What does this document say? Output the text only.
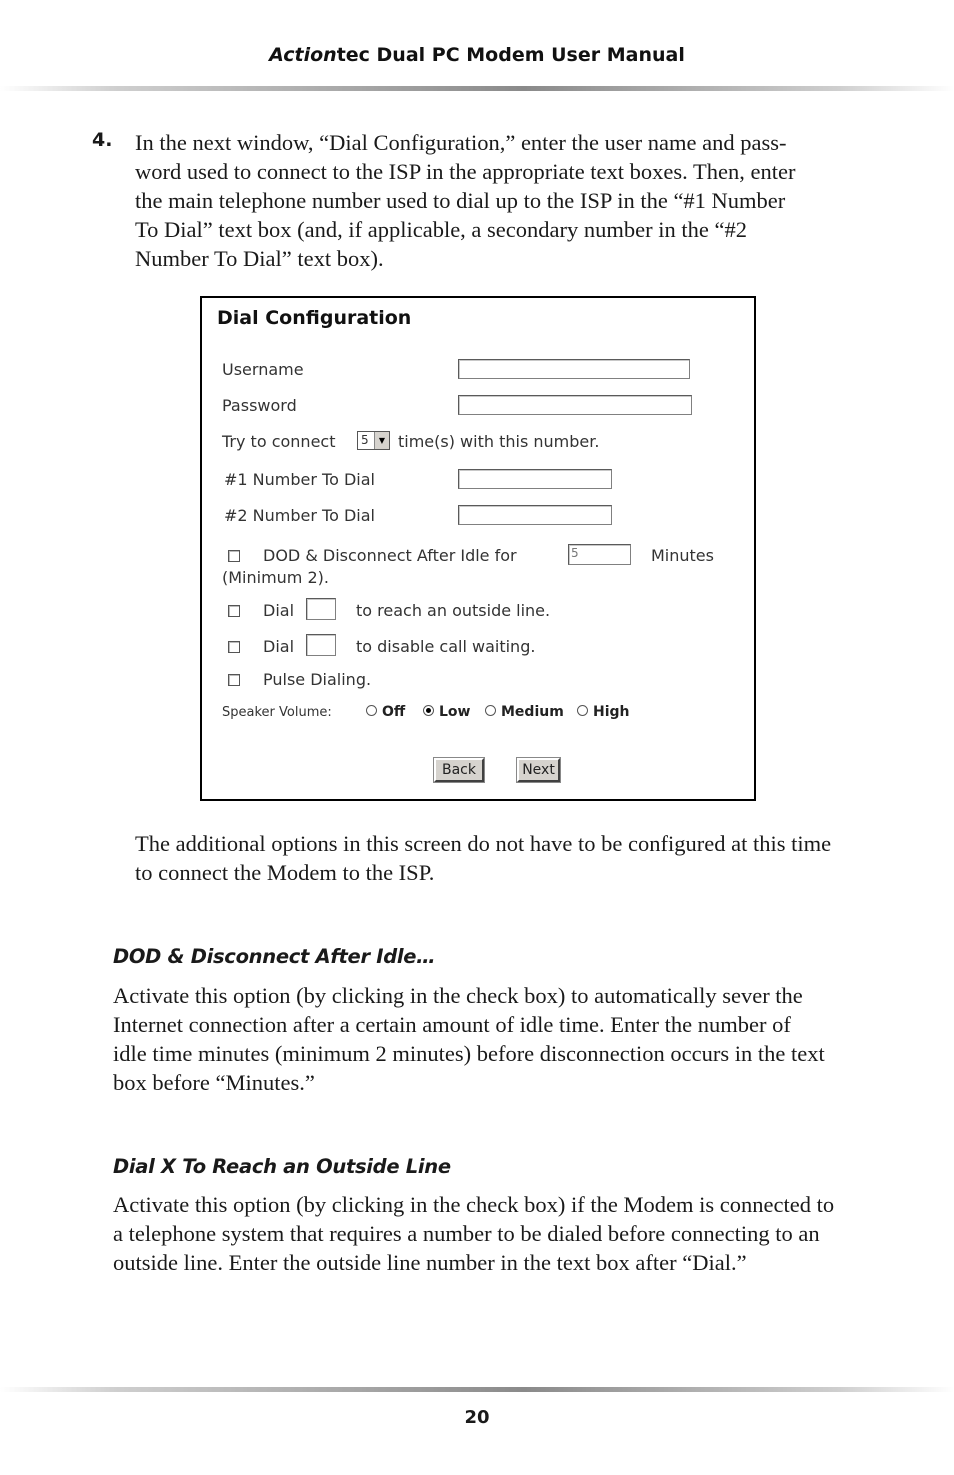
Actiontec Dual PC Modem User Manual
4. In the next window, “Dial Configuration,” enter the user name and pass-
word used to connect to the ISP in the appropriate text boxes. Then, enter
the main telephone number used to dial up to the ISP in the “#1 Number
To Dial” text box (and, if applicable, a secondary number in the “#2
Number To Dial” text box).
Dial Configuration
Username
Password
Try to connect 5	▼ time(s) with this number.
#1 Number To Dial
#2 Number To Dial
DOD & Disconnect After Idle for	5	Minutes
(Minimum 2).
Dial	to reach an outside line.
Dial	to disable call waiting.
Pulse Dialing.
Speaker Volume:	Off Low Medium High
Back	Next
The additional options in this screen do not have to be configured at this time
to connect the Modem to the ISP.
DOD & Disconnect After Idle…
Activate this option (by clicking in the check box) to automatically sever the
Internet connection after a certain amount of idle time. Enter the number of
idle time minutes (minimum 2 minutes) before disconnection occurs in the text
box before “Minutes.”
Dial X To Reach an Outside Line
Activate this option (by clicking in the check box) if the Modem is connected to
a telephone system that requires a number to be dialed before connecting to an
outside line. Enter the outside line number in the text box after “Dial.”
20
